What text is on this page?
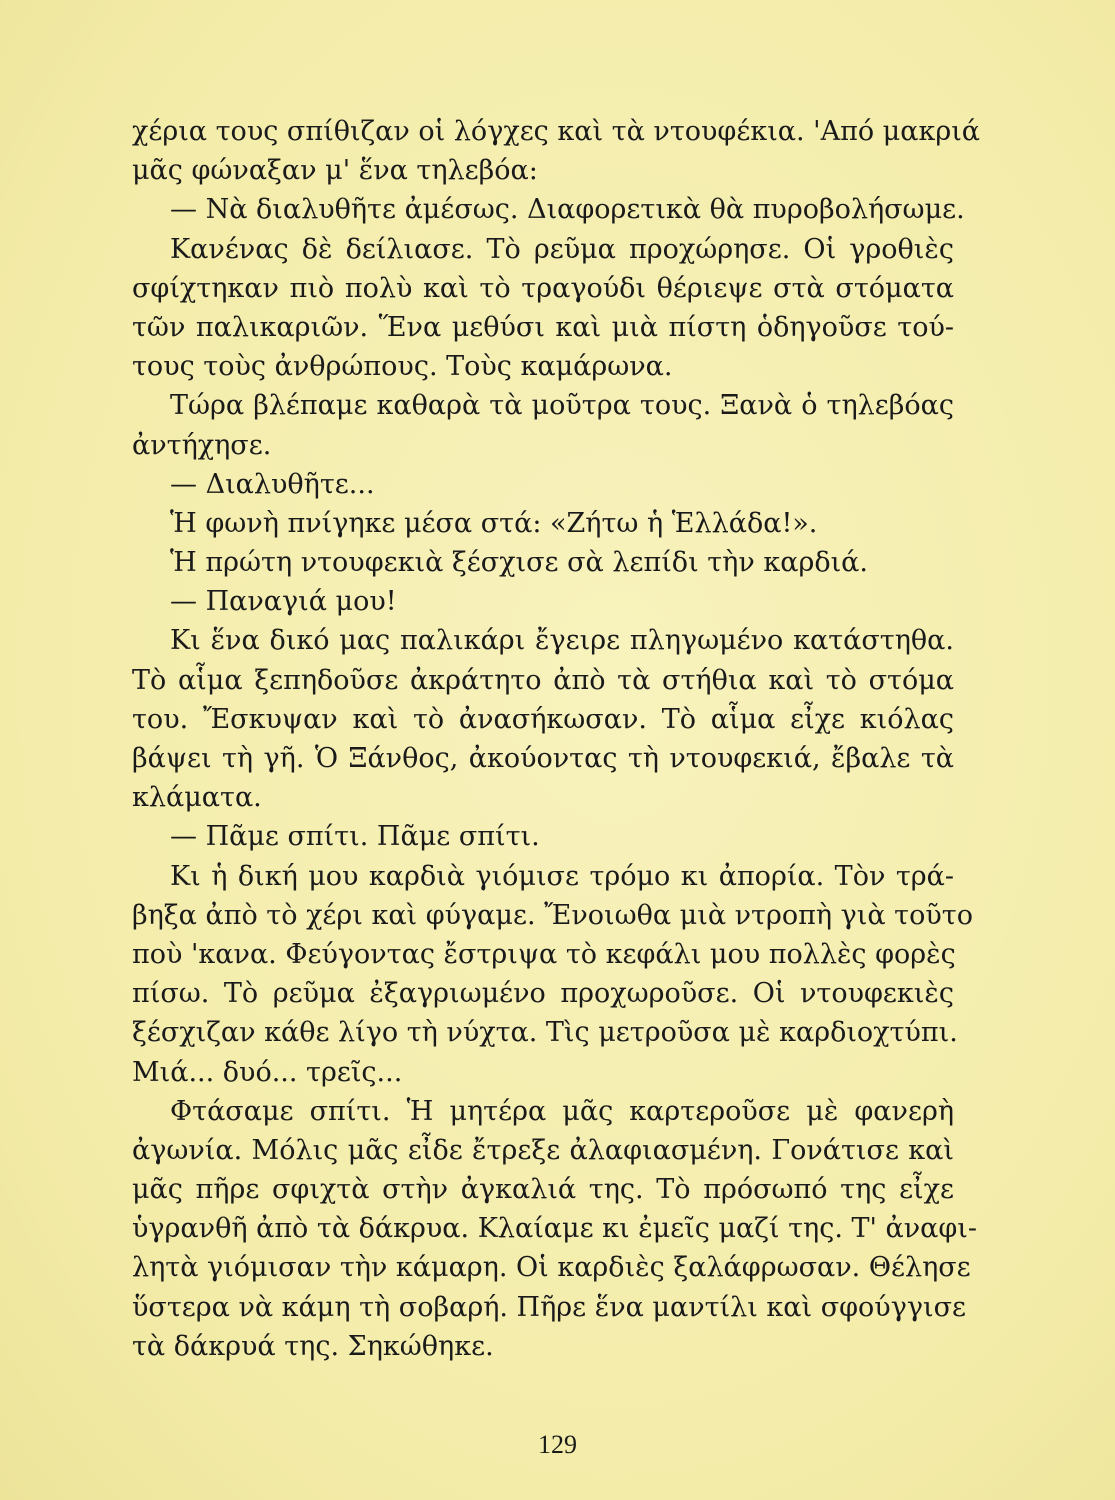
χέρια τους σπίθιζαν οἱ λόγχες καὶ τὰ ντουφέκια. 'Από μακριά
μᾶς φώναξαν μ' ἕνα τηλεβόα:
— Νὰ διαλυθῆτε ἀμέσως. Διαφορετικὰ θὰ πυροβολήσωμε.
Κανένας δὲ δείλιασε. Τὸ ρεῦμα προχώρησε. Οἱ γροθιὲς
σφίχτηκαν πιὸ πολὺ καὶ τὸ τραγούδι θέριεψε στὰ στόματα
τῶν παλικαριῶν. Ἕνα μεθύσι καὶ μιὰ πίστη ὁδηγοῦσε τού-
τους τοὺς ἀνθρώπους. Τοὺς καμάρωνα.
Τώρα βλέπαμε καθαρὰ τὰ μοῦτρα τους. Ξανὰ ὁ τηλεβόας
ἀντήχησε.
— Διαλυθῆτε...
Ἡ φωνὴ πνίγηκε μέσα στά: «Ζήτω ἡ Ἑλλάδα!».
Ἡ πρώτη ντουφεκιὰ ξέσχισε σὰ λεπίδι τὴν καρδιά.
— Παναγιά μου!
Κι ἕνα δικό μας παλικάρι ἔγειρε πληγωμένο κατάστηθα.
Τὸ αἷμα ξεπηδοῦσε ἀκράτητο ἀπὸ τὰ στήθια καὶ τὸ στόμα
του. Ἔσκυψαν καὶ τὸ ἀνασήκωσαν. Τὸ αἷμα εἶχε κιόλας
βάψει τὴ γῆ. Ὁ Ξάνθος, ἀκούοντας τὴ ντουφεκιά, ἔβαλε τὰ
κλάματα.
— Πᾶμε σπίτι. Πᾶμε σπίτι.
Κι ἡ δική μου καρδιὰ γιόμισε τρόμο κι ἀπορία. Τὸν τρά-
βηξα ἀπὸ τὸ χέρι καὶ φύγαμε. Ἔνοιωθα μιὰ ντροπὴ γιὰ τοῦτο
ποὺ 'κανα. Φεύγοντας ἔστριψα τὸ κεφάλι μου πολλὲς φορὲς
πίσω. Τὸ ρεῦμα ἐξαγριωμένο προχωροῦσε. Οἱ ντουφεκιὲς
ξέσχιζαν κάθε λίγο τὴ νύχτα. Τὶς μετροῦσα μὲ καρδιοχτύπι.
Μιά... δυό... τρεῖς...
Φτάσαμε σπίτι. Ἡ μητέρα μᾶς καρτεροῦσε μὲ φανερὴ
ἀγωνία. Μόλις μᾶς εἶδε ἔτρεξε ἀλαφιασμένη. Γονάτισε καὶ
μᾶς πῆρε σφιχτὰ στὴν ἀγκαλιά της. Τὸ πρόσωπό της εἶχε
ὑγρανθῆ ἀπὸ τὰ δάκρυα. Κλαίαμε κι ἐμεῖς μαζί της. Τ' ἀναφι-
λητὰ γιόμισαν τὴν κάμαρη. Οἱ καρδιὲς ξαλάφρωσαν. Θέλησε
ὕστερα νὰ κάμη τὴ σοβαρή. Πῆρε ἕνα μαντίλι καὶ σφούγγισε
τὰ δάκρυά της. Σηκώθηκε.
129
